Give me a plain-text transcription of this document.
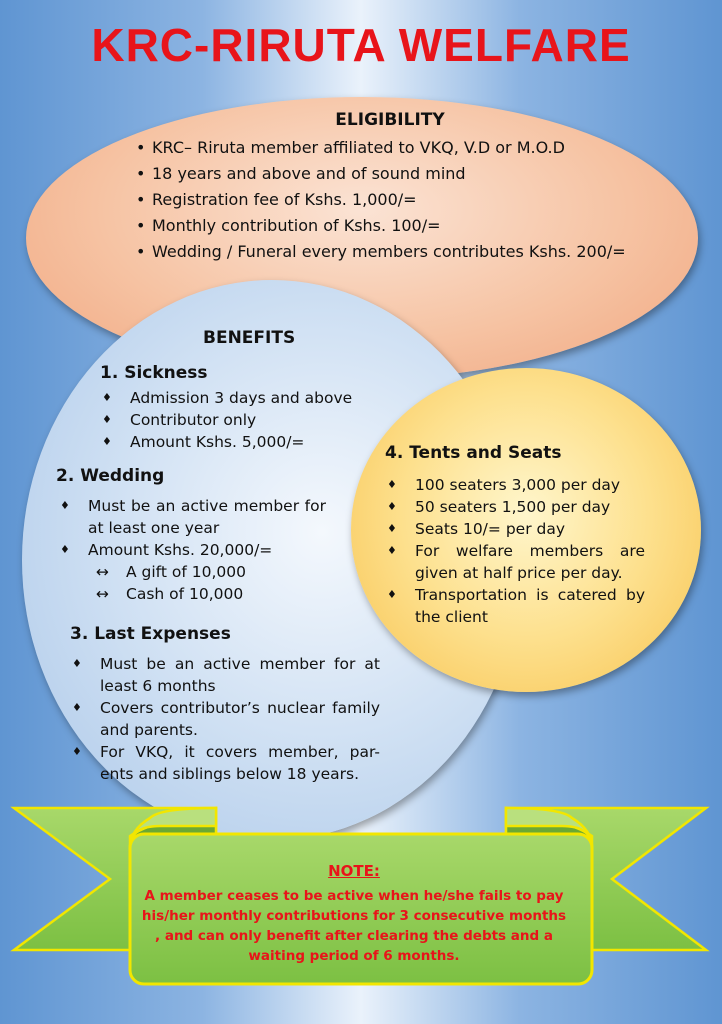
KRC-RIRUTA WELFARE
ELIGIBILITY
• KRC– Riruta member affiliated to VKQ, V.D or M.O.D
• 18 years and above and of sound mind
• Registration fee of Kshs. 1,000/=
• Monthly contribution of Kshs. 100/=
• Wedding / Funeral every members contributes Kshs. 200/=
BENEFITS
1. Sickness
♦ Admission 3 days and above
♦ Contributor only
♦ Amount Kshs. 5,000/=
2. Wedding
♦ Must be an active member for at least one year
♦ Amount Kshs. 20,000/=
↔ A gift of 10,000
↔ Cash of 10,000
3. Last Expenses
♦ Must be an active member for at least 6 months
♦ Covers contributor’s nuclear family and parents.
♦ For VKQ, it covers member, par-ents and siblings below 18 years.
4. Tents and Seats
♦ 100 seaters 3,000 per day
♦ 50 seaters 1,500 per day
♦ Seats 10/= per day
♦ For welfare members are given at half price per day.
♦ Transportation is catered by the client
NOTE:
A member ceases to be active when he/she fails to pay his/her monthly contributions for 3 consecutive months , and can only benefit after clearing the debts and a waiting period of 6 months.
